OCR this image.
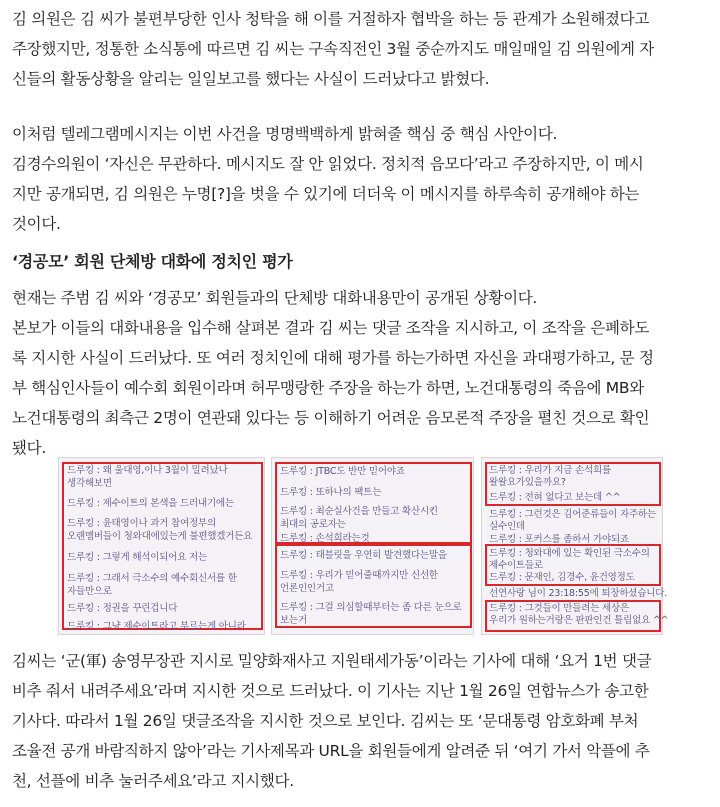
김 의원은 김 씨가 불편부당한 인사 청탁을 해 이를 거절하자 협박을 하는 등 관계가 소원해졌다고
주장했지만, 정통한 소식통에 따르면 김 씨는 구속직전인 3월 중순까지도 매일매일 김 의원에게 자
신들의 활동상황을 알리는 일일보고를 했다는 사실이 드러났다고 밝혔다.
이처럼 텔레그램메시지는 이번 사건을 명명백백하게 밝혀줄 핵심 중 핵심 사안이다.
김경수의원이 ‘자신은 무관하다. 메시지도 잘 안 읽었다. 정치적 음모다’라고 주장하지만, 이 메시
지만 공개되면, 김 의원은 누명[?]을 벗을 수 있기에 더더욱 이 메시지를 하루속히 공개해야 하는
것이다.
‘경공모’ 회원 단체방 대화에 정치인 평가
현재는 주범 김 씨와 ‘경공모’ 회원들과의 단체방 대화내용만이 공개된 상황이다.
본보가 이들의 대화내용을 입수해 살펴본 결과 김 씨는 댓글 조작을 지시하고, 이 조작을 은폐하도
록 지시한 사실이 드러났다. 또 여러 정치인에 대해 평가를 하는가하면 자신을 과대평가하고, 문 정
부 핵심인사들이 예수회 회원이라며 허무맹랑한 주장을 하는가 하면, 노건대통령의 죽음에 MB와
노건대통령의 최측근 2명이 연관돼 있다는 등 이해하기 어려운 음모론적 주장을 펼친 것으로 확인
됐다.
드루킹 : 왜 울대영,이나 3월이 밀려났나
생각해보면
드루킹 : 제수이트의 본색을 드러내기에는
드루킹 : 윤태영이나 과거 참여정부의
오랜멤버들이 청와대에있는게 불편했겠거든요
드루킹 : 그렇게 해석이되어요 저는
드루킹 : 그래서 극소수의 예수회신서를 한
자들만으로
드루킹 : 정권을 꾸린겁니다
드루킹 : 그냥 제수이트라고 부르는게 아니라
드루킹 : JTBC도 반만 믿어야죠
드루킹 : 또하나의 팩트는
드루킹 : 최순실사건을 만들고 확산시킨
최대의 공로자는
드루킹 : 손석희라는것
드루킹 : 태블릿을 우연히 발견했다는말을
드루킹 : 우리가 믿어줄때까지만 신선한
언론인인거고
드루킹 : 그걸 의심할때부터는 좀 다른 눈으로
보는거
드루킹 : 우리가 지금 손석희를
왈왈요가있을까요?
드루킹 : 전혀 없다고 보는데 ^^
드루킹 : 그런것은 김어준류들이 자주하는
실수인데
드루킹 : 포커스를 좀하서 가야되죠
드루킹 : 청와대에 있는 확인된 극소수의
제수이트들로
드루킹 : 문재인, 김경수, 윤건영정도
선연사랑 님이 23:18:55에 퇴장하셨습니다.
드루킹 : 그것들이 만들려는 세상은
우리가 원하는거랑은 판판인건 틀림없요 ^^
김씨는 ‘군(軍) 송영무장관 지시로 밀양화재사고 지원태세가동’이라는 기사에 대해 ‘요거 1번 댓글
비추 줘서 내려주세요’라며 지시한 것으로 드러났다. 이 기사는 지난 1월 26일 연합뉴스가 송고한
기사다. 따라서 1월 26일 댓글조작을 지시한 것으로 보인다. 김씨는 또 ‘문대통령 암호화폐 부처
조율전 공개 바람직하지 않아’라는 기사제목과 URL을 회원들에게 알려준 뒤 ‘여기 가서 악플에 추
천, 선플에 비추 눌러주세요’라고 지시했다.
